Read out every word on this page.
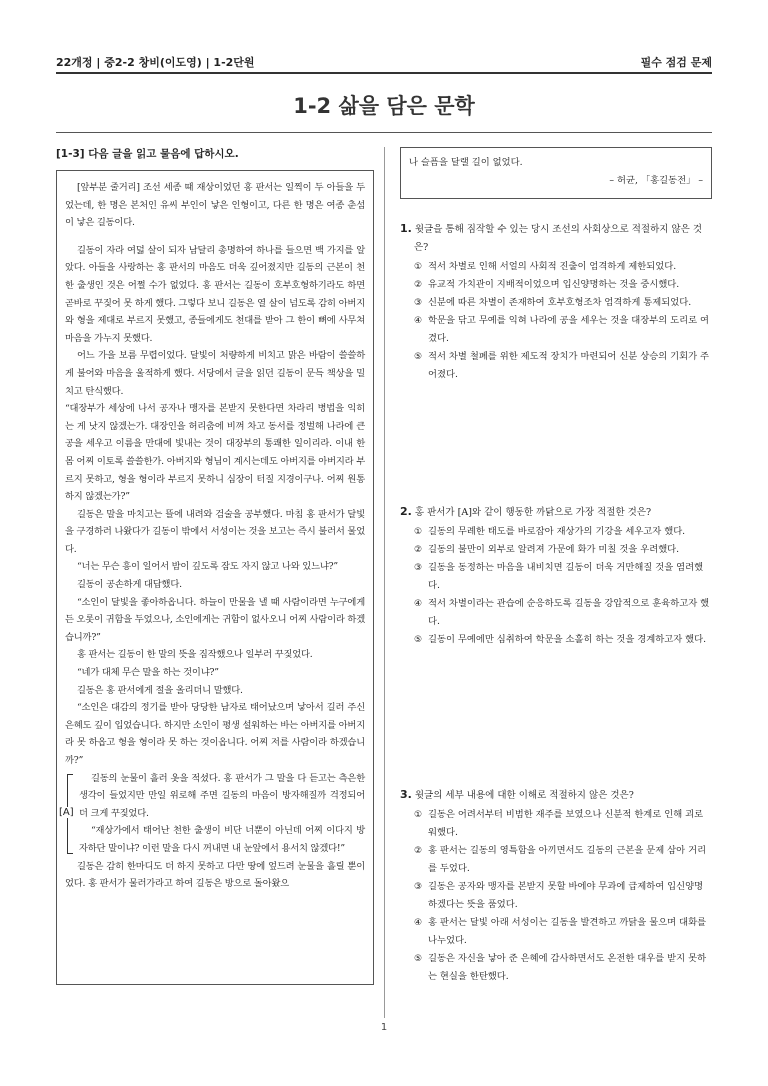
22개정 | 중2-2 창비(이도영) | 1-2단원	필수 점검 문제
1-2 삶을 담은 문학
[1-3] 다음 글을 읽고 물음에 답하시오.

[앞부분 줄거리] 조선 세종 때 재상이었던 홍 판서는 일찍이 두 아들을 두었는데, 한 명은 본처인 유씨 부인이 낳은 인형이고, 다른 한 명은 여종 춘섬이 낳은 길동이다.

길동이 자라 여덟 살이 되자 남달리 총명하여 하나를 들으면 백 가지를 알았다. 아들을 사랑하는 홍 판서의 마음도 더욱 깊어졌지만 길동의 근본이 천한 출생인 것은 어쩔 수가 없었다. 홍 판서는 길동이 호부호형하기라도 하면 곧바로 꾸짖어 못 하게 했다. 그렇다 보니 길동은 열 살이 넘도록 감히 아버지와 형을 제대로 부르지 못했고, 종들에게도 천대를 받아 그 한이 뼈에 사무쳐 마음을 가누지 못했다.

어느 가을 보름 무렵이었다. 달빛이 처량하게 비치고 맑은 바람이 쓸쓸하게 불어와 마음을 울적하게 했다. 서당에서 글을 읽던 길동이 문득 책상을 밀치고 탄식했다.

“대장부가 세상에 나서 공자나 맹자를 본받지 못한다면 차라리 병법을 익히는 게 낫지 않겠는가. 대장인을 허리춤에 비껴 차고 동서를 정벌해 나라에 큰 공을 세우고 이름을 만대에 빛내는 것이 대장부의 통쾌한 일이리라. 이내 한 몸 어찌 이토록 쓸쓸한가. 아버지와 형님이 계시는데도 아버지를 아버지라 부르지 못하고, 형을 형이라 부르지 못하니 심장이 터질 지경이구나. 어찌 원통하지 않겠는가?”

길동은 말을 마치고는 뜰에 내려와 검술을 공부했다. 마침 홍 판서가 달빛을 구경하러 나왔다가 길동이 밖에서 서성이는 것을 보고는 즉시 불러서 물었다.

“너는 무슨 흥이 일어서 밤이 깊도록 잠도 자지 않고 나와 있느냐?”

길동이 공손하게 대답했다.

“소인이 달빛을 좋아하옵니다. 하늘이 만물을 낼 때 사람이라면 누구에게든 오롯이 귀함을 두었으나, 소인에게는 귀함이 없사오니 어찌 사람이라 하겠습니까?”

홍 판서는 길동이 한 말의 뜻을 짐작했으나 일부러 꾸짖었다.

“네가 대체 무슨 말을 하는 것이냐?”

길동은 홍 판서에게 절을 올리더니 말했다.

“소인은 대감의 정기를 받아 당당한 남자로 태어났으며 낳아서 길러 주신 은혜도 깊이 입었습니다. 하지만 소인이 평생 설워하는 바는 아버지를 아버지라 못 하옵고 형을 형이라 못 하는 것이옵니다. 어찌 저를 사람이라 하겠습니까?”

[A]

길동의 눈물이 흘러 옷을 적셨다. 홍 판서가 그 말을 다 듣고는 측은한 생각이 들었지만 만일 위로해 주면 길동의 마음이 방자해질까 걱정되어 더 크게 꾸짖었다.

“재상가에서 태어난 천한 출생이 비단 너뿐이 아닌데 어찌 이다지 방자하단 말이냐? 이런 말을 다시 꺼내면 내 눈앞에서 용서치 않겠다!”

길동은 감히 한마디도 더 하지 못하고 다만 땅에 엎드려 눈물을 흘릴 뿐이었다. 홍 판서가 물러가라고 하여 길동은 방으로 돌아왔으

나 슬픔을 달랠 길이 없었다.

– 허균, 「홍길동전」 –

1. 윗글을 통해 짐작할 수 있는 당시 조선의 사회상으로 적절하지 않은 것은?
① 적서 차별로 인해 서얼의 사회적 진출이 엄격하게 제한되었다.
② 유교적 가치관이 지배적이었으며 입신양명하는 것을 중시했다.
③ 신분에 따른 차별이 존재하여 호부호형조차 엄격하게 통제되었다.
④ 학문을 닦고 무예를 익혀 나라에 공을 세우는 것을 대장부의 도리로 여겼다.
⑤ 적서 차별 철폐를 위한 제도적 장치가 마련되어 신분 상승의 기회가 주어졌다.
2. 홍 판서가 [A]와 같이 행동한 까닭으로 가장 적절한 것은?
① 길동의 무례한 태도를 바로잡아 재상가의 기강을 세우고자 했다.
② 길동의 불만이 외부로 알려져 가문에 화가 미칠 것을 우려했다.
③ 길동을 동정하는 마음을 내비치면 길동이 더욱 거만해질 것을 염려했다.
④ 적서 차별이라는 관습에 순응하도록 길동을 강압적으로 훈육하고자 했다.
⑤ 길동이 무예에만 심취하여 학문을 소홀히 하는 것을 경계하고자 했다.
3. 윗글의 세부 내용에 대한 이해로 적절하지 않은 것은?
① 길동은 어려서부터 비범한 재주를 보였으나 신분적 한계로 인해 괴로워했다.
② 홍 판서는 길동의 영특함을 아끼면서도 길동의 근본을 문제 삼아 거리를 두었다.
③ 길동은 공자와 맹자를 본받지 못할 바에야 무과에 급제하여 입신양명하겠다는 뜻을 품었다.
④ 홍 판서는 달빛 아래 서성이는 길동을 발견하고 까닭을 물으며 대화를 나누었다.
⑤ 길동은 자신을 낳아 준 은혜에 감사하면서도 온전한 대우를 받지 못하는 현실을 한탄했다.
1
